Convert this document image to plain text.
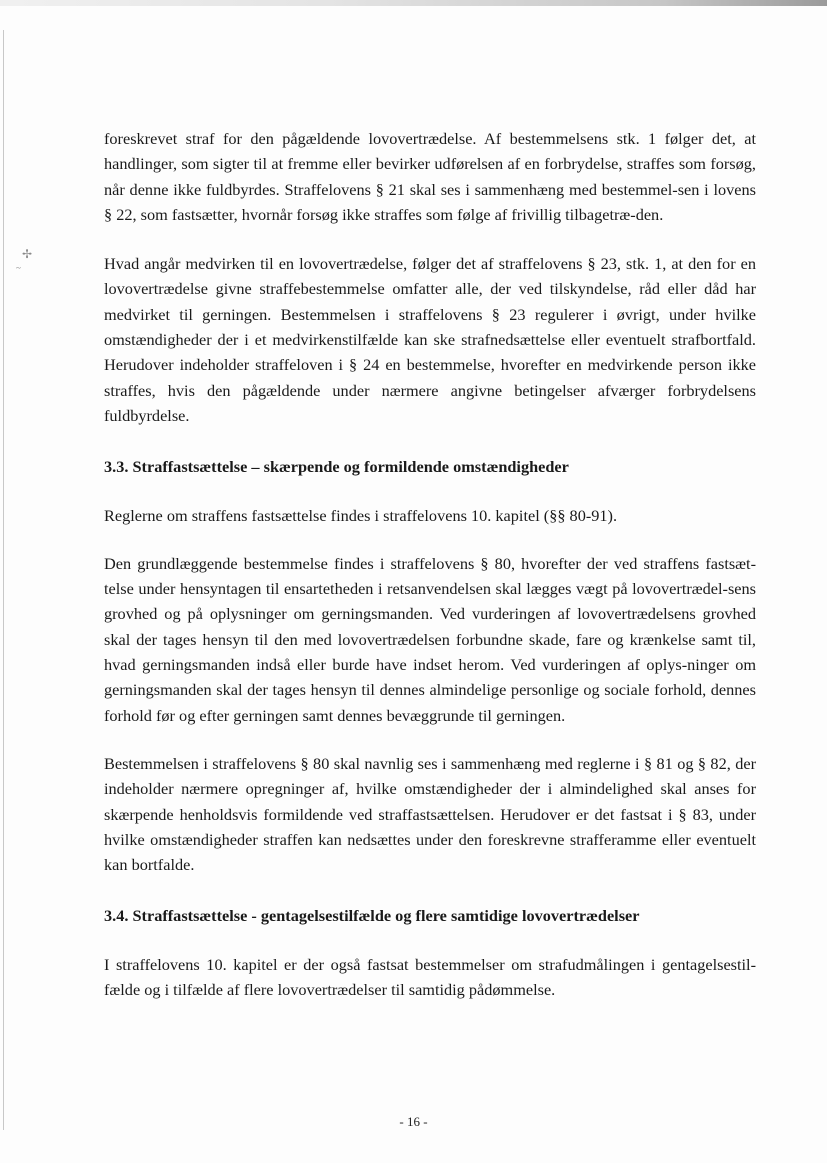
✢
~

foreskrevet straf for den pågældende lovovertrædelse. Af bestemmelsens stk. 1 følger det, at handlinger, som sigter til at fremme eller bevirker udførelsen af en forbrydelse, straffes som forsøg, når denne ikke fuldbyrdes. Straffelovens § 21 skal ses i sammenhæng med bestemmel-sen i lovens § 22, som fastsætter, hvornår forsøg ikke straffes som følge af frivillig tilbagetræ-den.

Hvad angår medvirken til en lovovertrædelse, følger det af straffelovens § 23, stk. 1, at den for en lovovertrædelse givne straffebestemmelse omfatter alle, der ved tilskyndelse, råd eller dåd har medvirket til gerningen. Bestemmelsen i straffelovens § 23 regulerer i øvrigt, under hvilke omstændigheder der i et medvirkenstilfælde kan ske strafnedsættelse eller eventuelt strafbortfald. Herudover indeholder straffeloven i § 24 en bestemmelse, hvorefter en medvirkende person ikke straffes, hvis den pågældende under nærmere angivne betingelser afværger forbrydelsens fuldbyrdelse.

3.3. Straffastsættelse – skærpende og formildende omstændigheder

Reglerne om straffens fastsættelse findes i straffelovens 10. kapitel (§§ 80-91).

Den grundlæggende bestemmelse findes i straffelovens § 80, hvorefter der ved straffens fastsæt-telse under hensyntagen til ensartetheden i retsanvendelsen skal lægges vægt på lovovertrædel-sens grovhed og på oplysninger om gerningsmanden. Ved vurderingen af lovovertrædelsens grovhed skal der tages hensyn til den med lovovertrædelsen forbundne skade, fare og krænkelse samt til, hvad gerningsmanden indså eller burde have indset herom. Ved vurderingen af oplys-ninger om gerningsmanden skal der tages hensyn til dennes almindelige personlige og sociale forhold, dennes forhold før og efter gerningen samt dennes bevæggrunde til gerningen.

Bestemmelsen i straffelovens § 80 skal navnlig ses i sammenhæng med reglerne i § 81 og § 82, der indeholder nærmere opregninger af, hvilke omstændigheder der i almindelighed skal anses for skærpende henholdsvis formildende ved straffastsættelsen. Herudover er det fastsat i § 83, under hvilke omstændigheder straffen kan nedsættes under den foreskrevne strafferamme eller eventuelt kan bortfalde.

3.4. Straffastsættelse - gentagelsestilfælde og flere samtidige lovovertrædelser

I straffelovens 10. kapitel er der også fastsat bestemmelser om strafudmålingen i gentagelsestil-fælde og i tilfælde af flere lovovertrædelser til samtidig pådømmelse.

- 16 -
